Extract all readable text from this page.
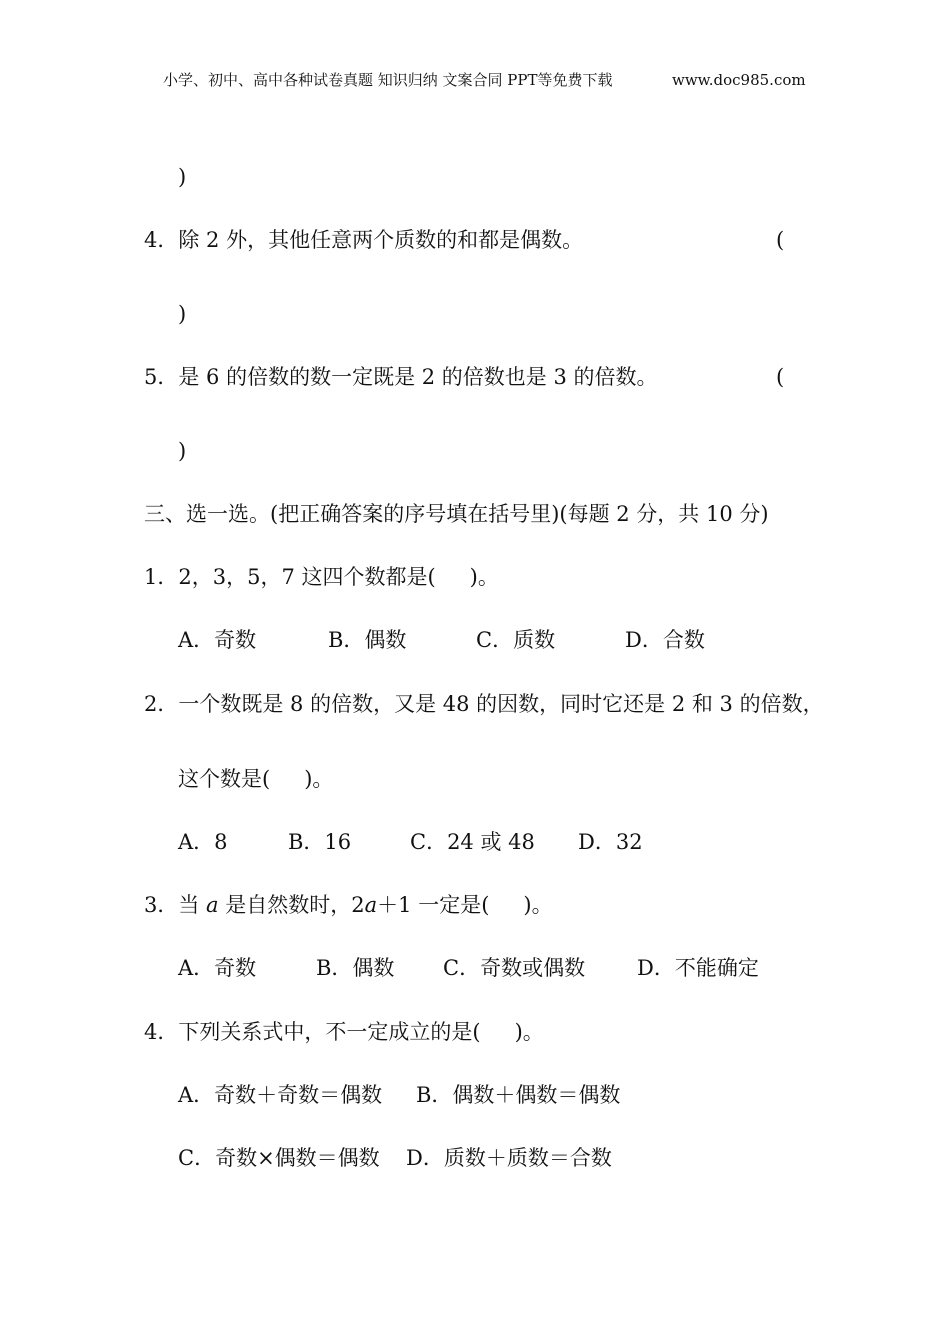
小学、初中、高中各种试卷真题 知识归纳 文案合同 PPT等免费下载	www.doc985.com
)
4．除 2 外，其他任意两个质数的和都是偶数。	(
)
5．是 6 的倍数的数一定既是 2 的倍数也是 3 的倍数。	(
)
三、选一选。(把正确答案的序号填在括号里)(每题 2 分，共 10 分)
1．2，3，5，7 这四个数都是( )。
A．奇数	B．偶数	C．质数	D．合数
2．一个数既是 8 的倍数，又是 48 的因数，同时它还是 2 和 3 的倍数，
这个数是( )。
A．8	B．16	C．24 或 48 D．32
3．当 a 是自然数时，2a＋1 一定是( )。
A．奇数	B．偶数 C．奇数或偶数 D．不能确定
4．下列关系式中，不一定成立的是( )。
A．奇数＋奇数＝偶数 B．偶数＋偶数＝偶数
C．奇数×偶数＝偶数 D．质数＋质数＝合数
